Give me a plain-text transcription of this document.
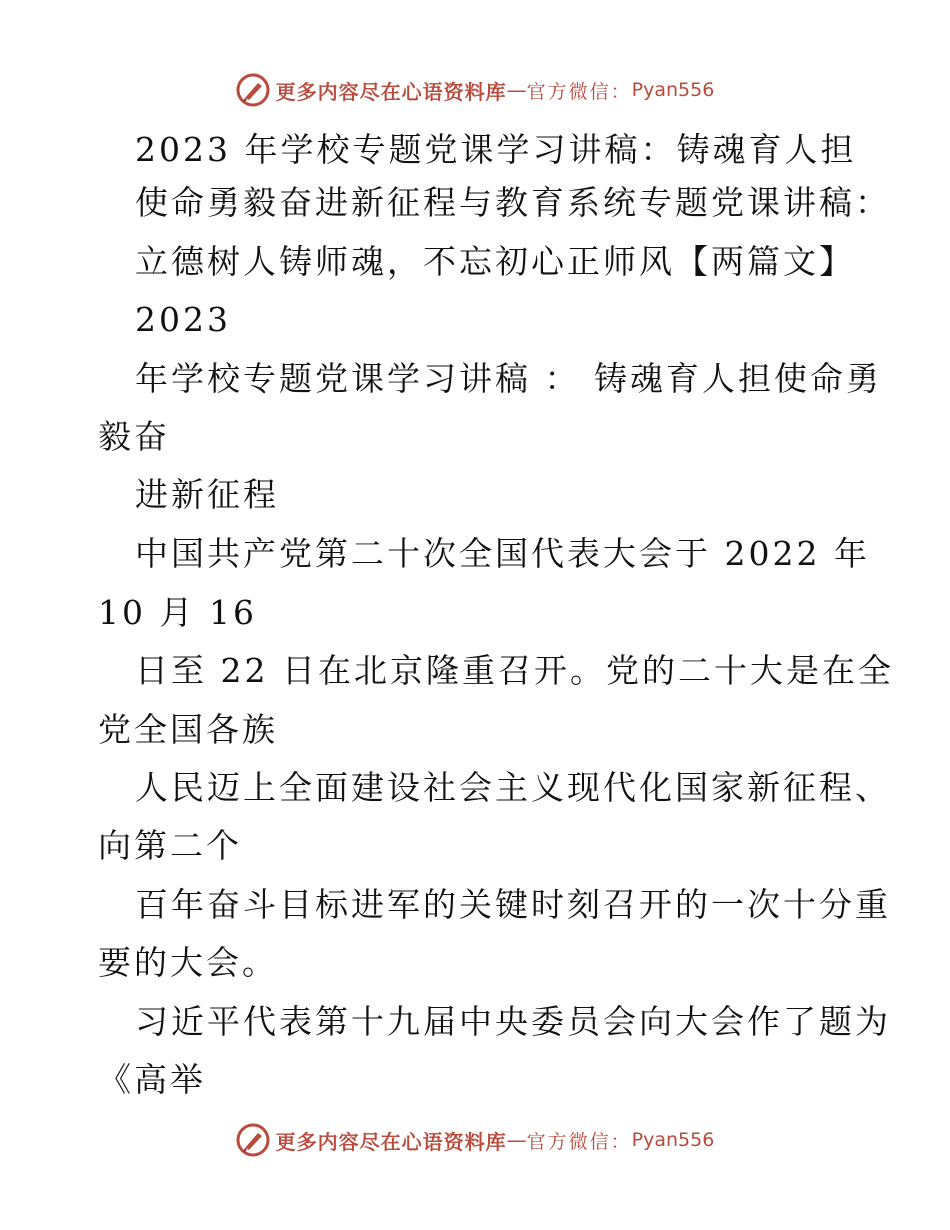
更多内容尽在心语资料库 — 官方微信： Pyan556
2023 年学校专题党课学习讲稿：铸魂育人担
使命勇毅奋进新征程与教育系统专题党课讲稿：
立德树人铸师魂，不忘初心正师风【两篇文】
2023
年学校专题党课学习讲稿 ： 铸魂育人担使命勇
毅奋
进新征程
中国共产党第二十次全国代表大会于 2022 年
10 月 16
日至 22 日在北京隆重召开。党的二十大是在全
党全国各族
人民迈上全面建设社会主义现代化国家新征程、
向第二个
百年奋斗目标进军的关键时刻召开的一次十分重
要的大会。
习近平代表第十九届中央委员会向大会作了题为
《高举
更多内容尽在心语资料库 — 官方微信： Pyan556
